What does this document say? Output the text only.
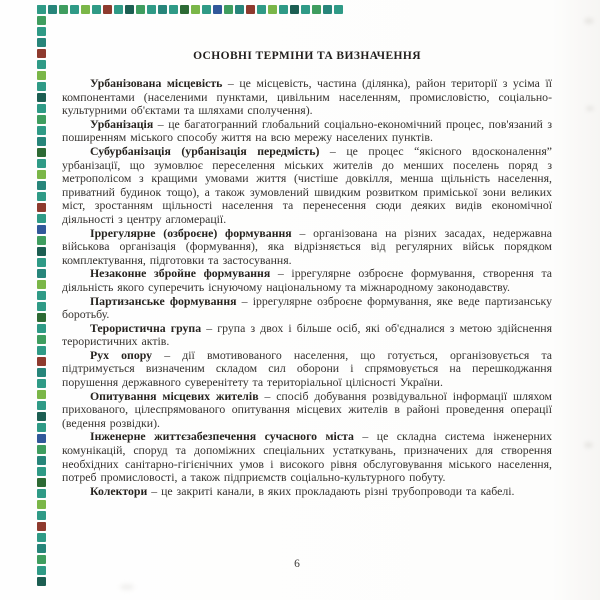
ОСНОВНІ ТЕРМІНИ ТА ВИЗНАЧЕННЯ

Урбанізована місцевість – це місцевість, частина (ділянка), район території з усіма її компонентами (населеними пунктами, цивільним населенням, промисловістю, соціально-культурними об'єктами та шляхами сполучення).

Урбанізація – це багатогранний глобальний соціально-економічний процес, пов'язаний з поширенням міського способу життя на всю мережу населених пунктів.

Субурбанізація (урбанізація передмість) – це процес “якісного вдосконалення” урбанізації, що зумовлює переселення міських жителів до менших поселень поряд з метрополісом з кращими умовами життя (чистіше довкілля, менша щільність населення, приватний будинок тощо), а також зумовлений швидким розвитком приміської зони великих міст, зростанням щільності населення та перенесення сюди деяких видів економічної діяльності з центру агломерації.

Іррегулярне (озброєне) формування – організована на різних засадах, недержавна військова організація (формування), яка відрізняється від регулярних військ порядком комплектування, підготовки та застосування.

Незаконне збройне формування – іррегулярне озброєне формування, створення та діяльність якого суперечить існуючому національному та міжнародному законодавству.

Партизанське формування – іррегулярне озброєне формування, яке веде партизанську боротьбу.

Терористична група – група з двох і більше осіб, які об'єдналися з метою здійснення терористичних актів.

Рух опору – дії вмотивованого населення, що готується, організовується та підтримується визначеним складом сил оборони і спрямовується на перешкоджання порушення державного суверенітету та територіальної цілісності України.

Опитування місцевих жителів – спосіб добування розвідувальної інформації шляхом прихованого, цілеспрямованого опитування місцевих жителів в районі проведення операції (ведення розвідки).

Інженерне життєзабезпечення сучасного міста – це складна система інженерних комунікацій, споруд та допоміжних спеціальних устаткувань, призначених для створення необхідних санітарно-гігієнічних умов і високого рівня обслуговування міського населення, потреб промисловості, а також підприємств соціально-культурного побуту.

Колектори – це закриті канали, в яких прокладають різні трубопроводи та кабелі.

6
